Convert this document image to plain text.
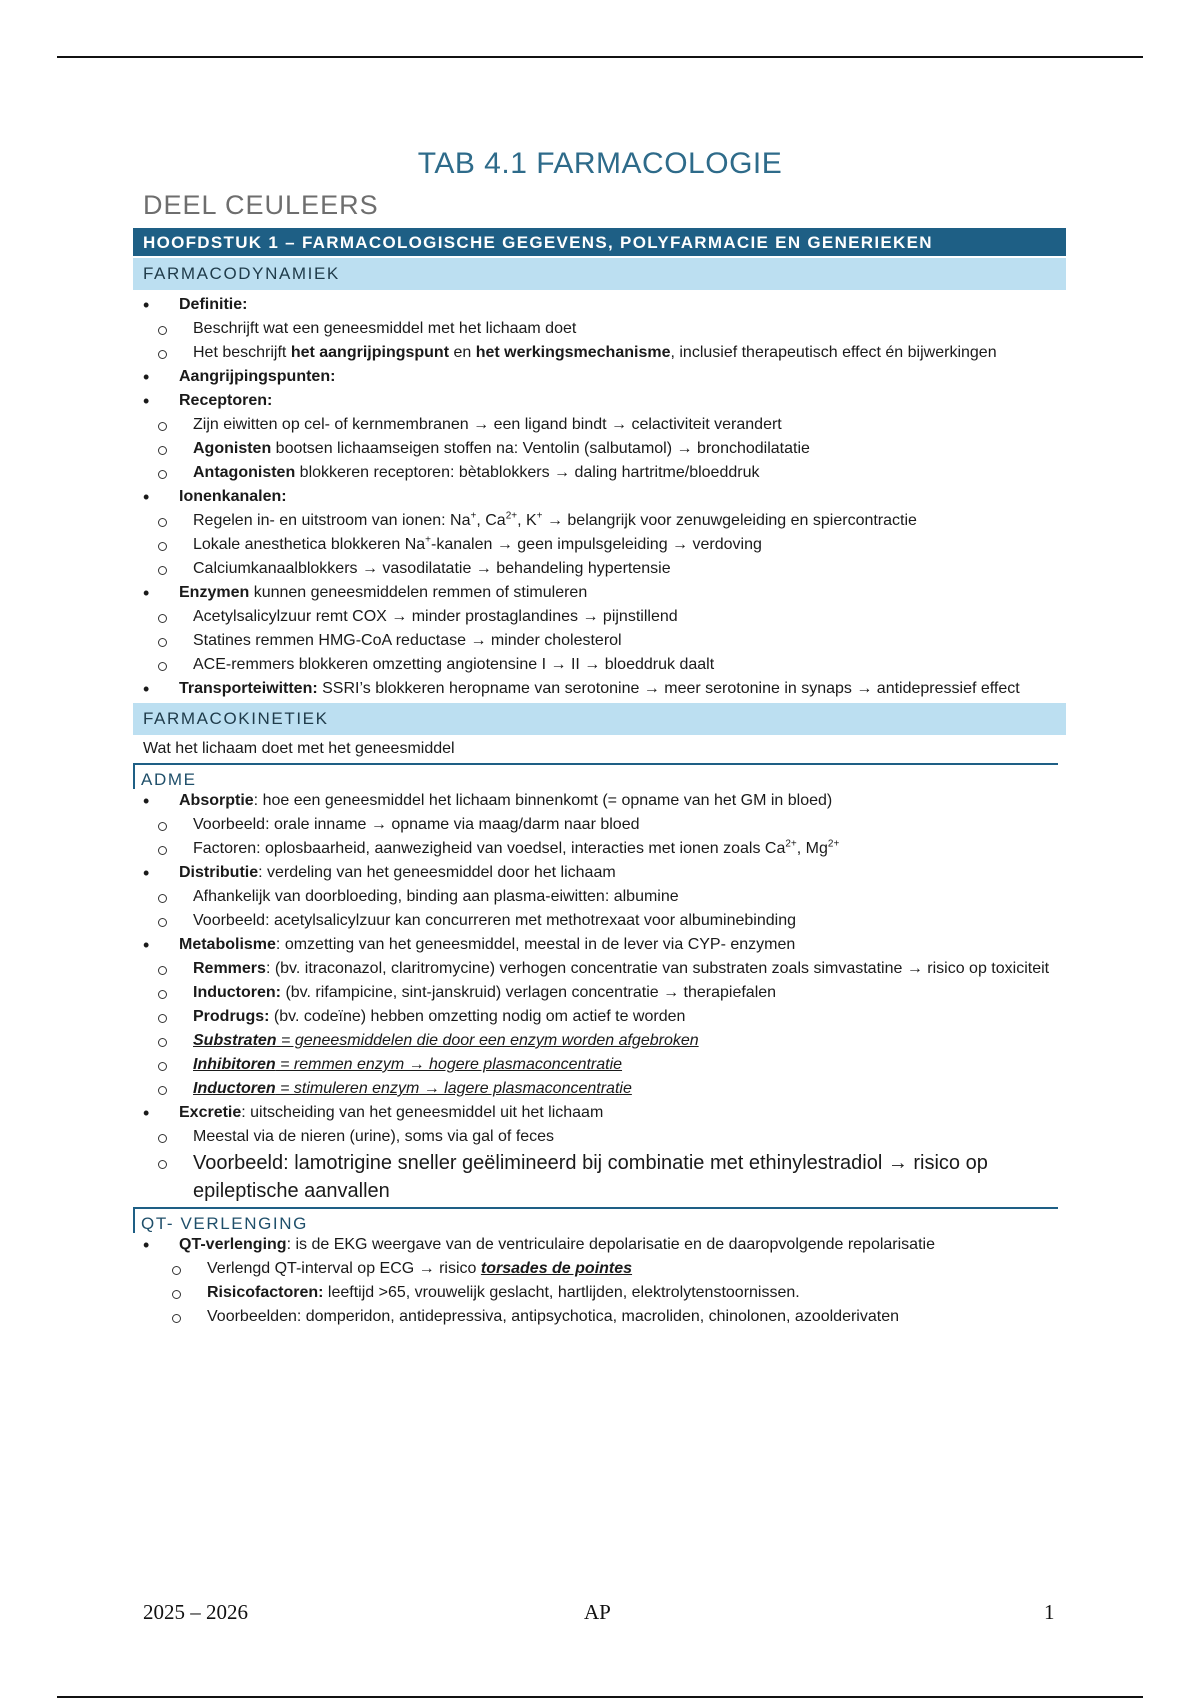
TAB 4.1 FARMACOLOGIE
DEEL CEULEERS
HOOFDSTUK 1 – FARMACOLOGISCHE GEGEVENS, POLYFARMACIE EN GENERIEKEN
FARMACODYNAMIEK
• Definitie:
Beschrijft wat een geneesmiddel met het lichaam doet
Het beschrijft het aangrijpingspunt en het werkingsmechanisme, inclusief therapeutisch effect én bijwerkingen
• Aangrijpingspunten:
• Receptoren:
Zijn eiwitten op cel- of kernmembranen → een ligand bindt → celactiviteit verandert
Agonisten bootsen lichaamseigen stoffen na: Ventolin (salbutamol) → bronchodilatatie
Antagonisten blokkeren receptoren: bètablokkers → daling hartritme/bloeddruk
• Ionenkanalen:
Regelen in- en uitstroom van ionen: Na+, $Ca^{2+}$, K+ → belangrijk voor zenuwgeleiding en spiercontractie
Lokale anesthetica blokkeren Na+-kanalen → geen impulsgeleiding → verdoving
Calciumkanaalblokkers → vasodilatatie → behandeling hypertensie
• Enzymen kunnen geneesmiddelen remmen of stimuleren
Acetylsalicylzuur remt COX → minder prostaglandines → pijnstillend
Statines remmen HMG-CoA reductase → minder cholesterol
ACE-remmers blokkeren omzetting angiotensine I → II → bloeddruk daalt
• Transporteiwitten: SSRI’s blokkeren heropname van serotonine → meer serotonine in synaps → antidepressief effect
FARMACOKINETIEK
Wat het lichaam doet met het geneesmiddel
ADME
• Absorptie: hoe een geneesmiddel het lichaam binnenkomt (= opname van het GM in bloed)
Voorbeeld: orale inname → opname via maag/darm naar bloed
Factoren: oplosbaarheid, aanwezigheid van voedsel, interacties met ionen zoals $Ca^{2+}$, $Mg^{2+}$
• Distributie: verdeling van het geneesmiddel door het lichaam
Afhankelijk van doorbloeding, binding aan plasma-eiwitten: albumine
Voorbeeld: acetylsalicylzuur kan concurreren met methotrexaat voor albuminebinding
• Metabolisme: omzetting van het geneesmiddel, meestal in de lever via CYP- enzymen
Remmers: (bv. itraconazol, claritromycine) verhogen concentratie van substraten zoals simvastatine → risico op toxiciteit
Inductoren: (bv. rifampicine, sint-janskruid) verlagen concentratie → therapiefalen
Prodrugs: (bv. codeïne) hebben omzetting nodig om actief te worden
Substraten = geneesmiddelen die door een enzym worden afgebroken
Inhibitoren = remmen enzym → hogere plasmaconcentratie
Inductoren = stimuleren enzym → lagere plasmaconcentratie
• Excretie: uitscheiding van het geneesmiddel uit het lichaam
Meestal via de nieren (urine), soms via gal of feces
Voorbeeld: lamotrigine sneller geëlimineerd bij combinatie met ethinylestradiol → risico op epileptische aanvallen
QT- VERLENGING
• QT-verlenging: is de EKG weergave van de ventriculaire depolarisatie en de daaropvolgende repolarisatie
Verlengd QT-interval op ECG → risico torsades de pointes
Risicofactoren: leeftijd >65, vrouwelijk geslacht, hartlijden, elektrolytenstoornissen.
Voorbeelden: domperidon, antidepressiva, antipsychotica, macroliden, chinolonen, azoolderivaten
2025 – 2026	AP	1
